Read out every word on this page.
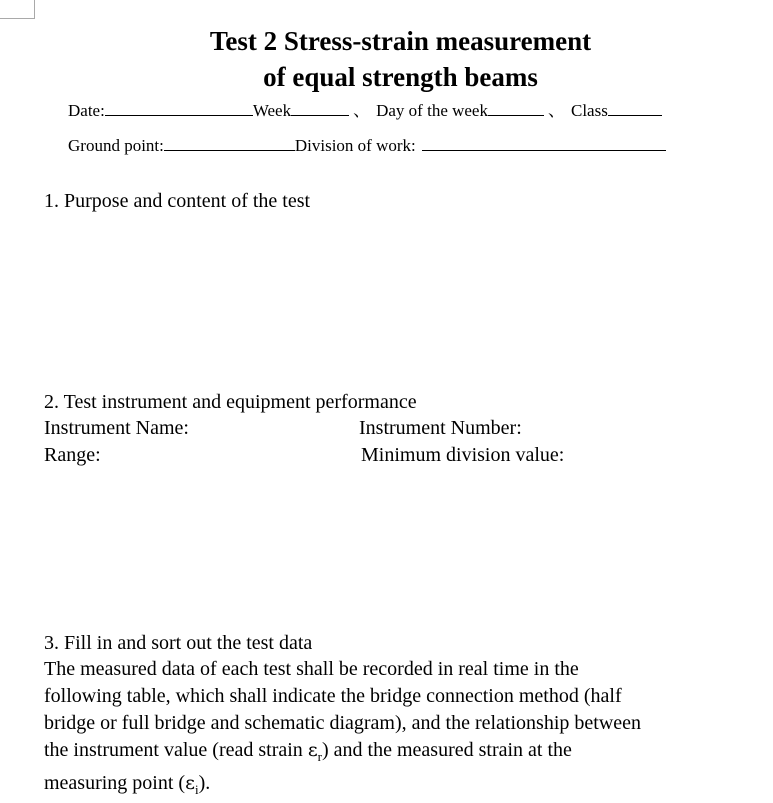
Test 2 Stress-strain measurement
of equal strength beams
Date:	Week	、 Day of the week	、 Class
Ground point:	Division of work:
1. Purpose and content of the test
2. Test instrument and equipment performance
Instrument Name:	Instrument Number:
Range:	Minimum division value:
3. Fill in and sort out the test data
The measured data of each test shall be recorded in real time in the
following table, which shall indicate the bridge connection method (half
bridge or full bridge and schematic diagram), and the relationship between
the instrument value (read strain $\varepsilon_r$) and the measured strain at the
measuring point $(\varepsilon_i)$.
